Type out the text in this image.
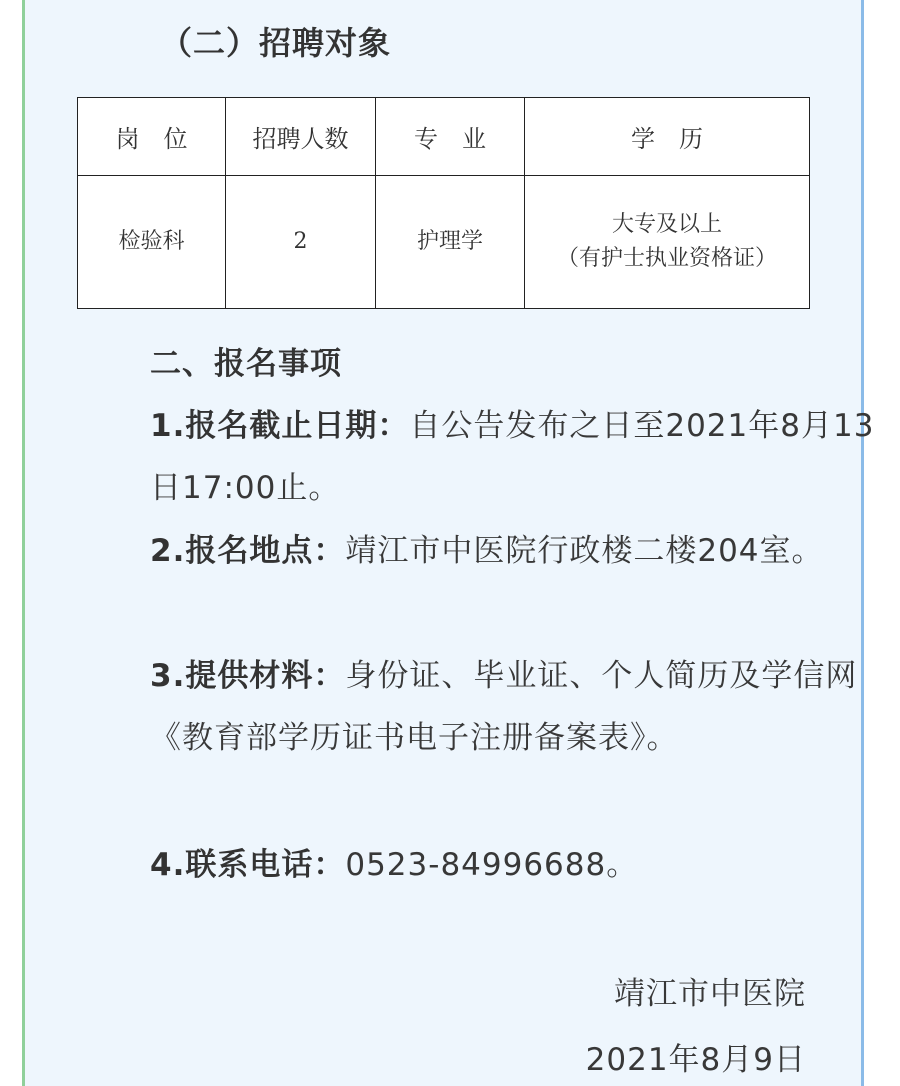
（二）招聘对象
岗　位	招聘人数	专　业	学　历
检验科	2	护理学	大专及以上
（有护士执业资格证）

二、报名事项

1.报名截止日期：自公告发布之日至2021年8月13日17:00止。

2.报名地点：靖江市中医院行政楼二楼204室。

3.提供材料：身份证、毕业证、个人简历及学信网《教育部学历证书电子注册备案表》。

4.联系电话：0523-84996688。

靖江市中医院

2021年8月9日
